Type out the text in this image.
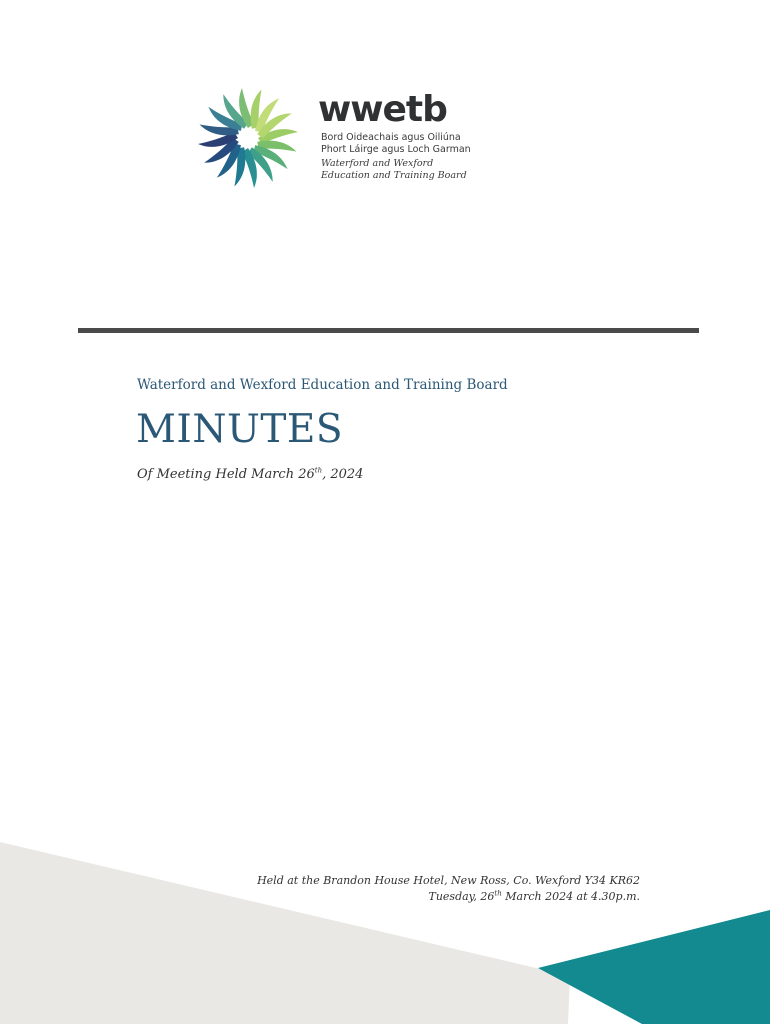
wwetb
Bord Oideachais agus Oiliúna
Phort Láirge agus Loch Garman
Waterford and Wexford
Education and Training Board
Waterford and Wexford Education and Training Board
MINUTES
Of Meeting Held March 26th, 2024
Held at the Brandon House Hotel, New Ross, Co. Wexford Y34 KR62
Tuesday, 26th March 2024 at 4.30p.m.
